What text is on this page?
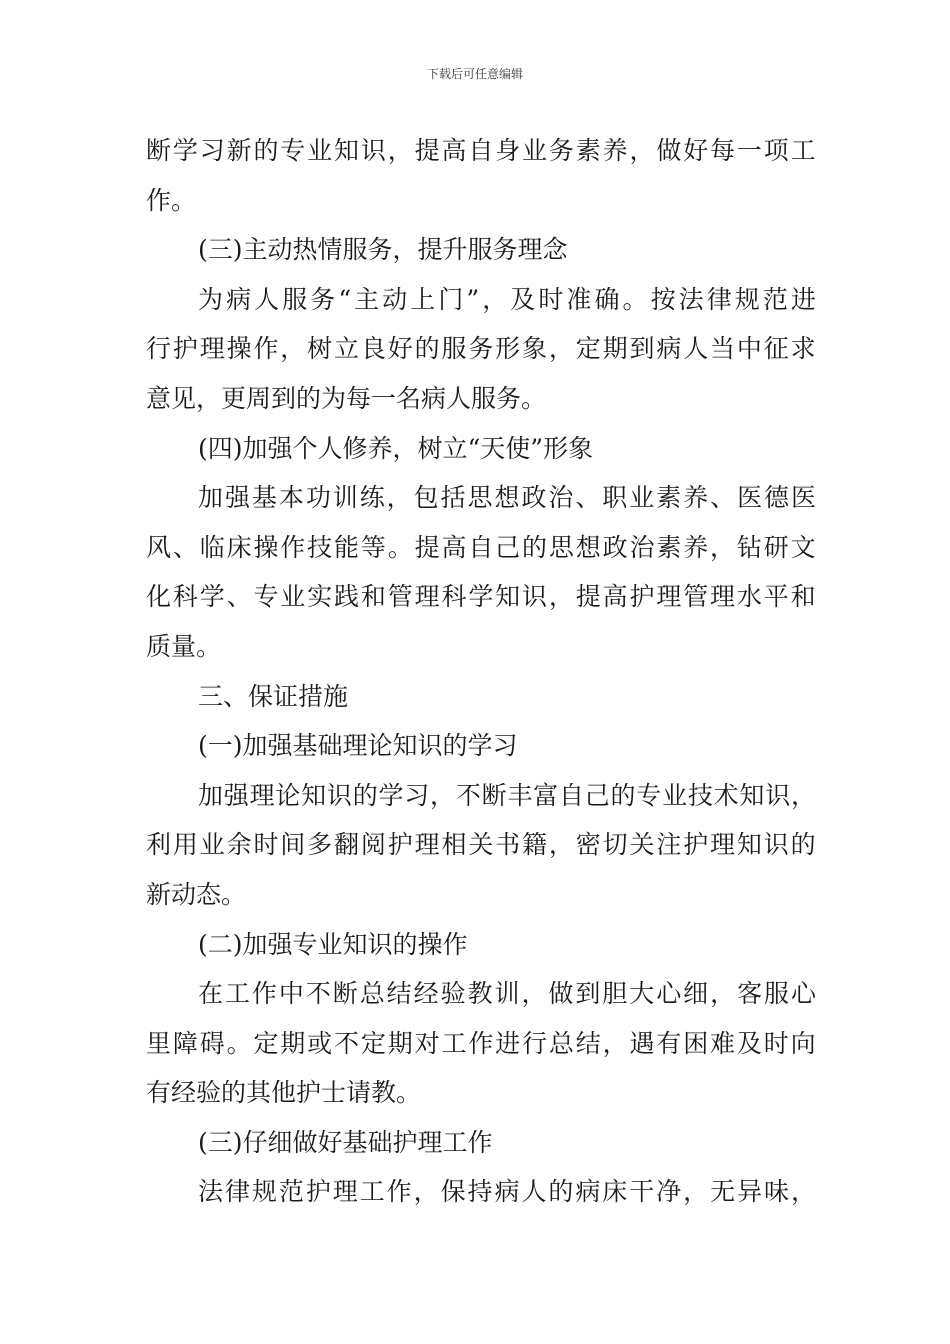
下载后可任意编辑
断 学 习 新 的 专 业 知 识 ， 提 高 自 身 业 务 素 养 ， 做 好 每 一 项 工
作。
(三)主动热情服务，提升服务理念
为 病 人 服 务 “ 主 动 上 门 ” ， 及 时 准 确 。 按 法 律 规 范 进
行 护 理 操 作 ， 树 立 良 好 的 服 务 形 象 ， 定 期 到 病 人 当 中 征 求
意见，更周到的为每一名病人服务。
(四)加强个人修养，树立“天使”形象
加 强 基 本 功 训 练 ， 包 括 思 想 政 治 、 职 业 素 养 、 医 德 医
风 、 临 床 操 作 技 能 等 。 提 高 自 己 的 思 想 政 治 素 养 ， 钻 研 文
化 科 学 、 专 业 实 践 和 管 理 科 学 知 识 ， 提 高 护 理 管 理 水 平 和
质量。
三、保证措施
(一)加强基础理论知识的学习
加 强 理 论 知 识 的 学 习 ， 不 断 丰 富 自 己 的 专 业 技 术 知 识 ，
利 用 业 余 时 间 多 翻 阅 护 理 相 关 书 籍 ， 密 切 关 注 护 理 知 识 的
新动态。
(二)加强专业知识的操作
在 工 作 中 不 断 总 结 经 验 教 训 ， 做 到 胆 大 心 细 ， 客 服 心
里 障 碍 。 定 期 或 不 定 期 对 工 作 进 行 总 结 ， 遇 有 困 难 及 时 向
有经验的其他护士请教。
(三)仔细做好基础护理工作
法 律 规 范 护 理 工 作 ， 保 持 病 人 的 病 床 干 净 ， 无 异 味 ，
